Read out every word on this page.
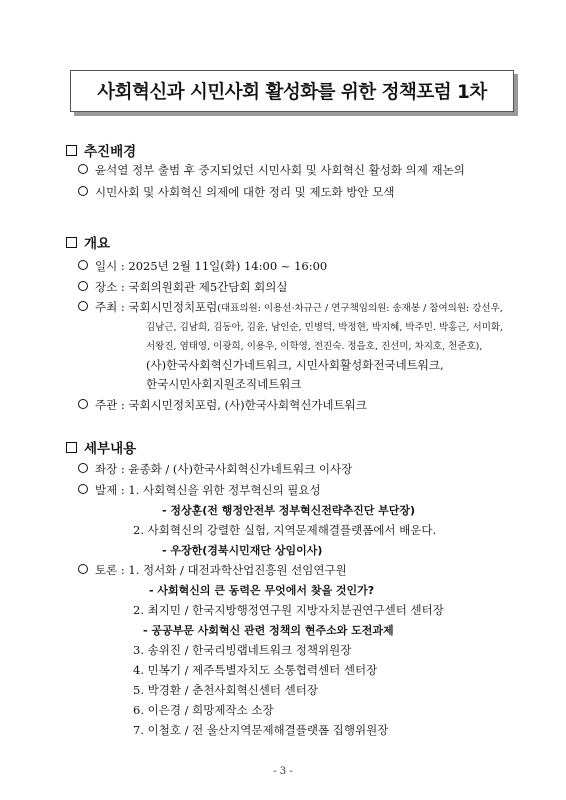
사회혁신과 시민사회 활성화를 위한 정책포럼 1차
추진배경
윤석열 정부 출범 후 중지되었던 시민사회 및 사회혁신 활성화 의제 재논의
시민사회 및 사회혁신 의제에 대한 정리 및 제도화 방안 모색
개요
일시 : 2025년 2월 11일(화) 14:00 ~ 16:00
장소 : 국회의원회관 제5간담회 회의실
주최 : 국회시민정치포럼(대표의원: 이용선·차규근 / 연구책임의원: 송재봉 / 참여의원: 강선우,
김남근, 김남희, 김동아, 김윤, 남인순, 민병덕, 박정현, 박지혜, 박주민. 박홍근, 서미화,
서왕진, 염태영, 이광희, 이용우, 이학영, 전진숙. 정을호, 진선미, 차지호, 천준호),
(사)한국사회혁신가네트워크, 시민사회활성화전국네트워크,
한국시민사회지원조직네트워크
주관 : 국회시민정치포럼, (사)한국사회혁신가네트워크
세부내용
좌장 : 윤종화 / (사)한국사회혁신가네트워크 이사장
발제 : 1. 사회혁신을 위한 정부혁신의 필요성
- 정상훈(전 행정안전부 정부혁신전략추진단 부단장)
2. 사회혁신의 강렬한 실험, 지역문제해결플랫폼에서 배운다.
- 우장한(경북시민재단 상임이사)
토론 : 1. 정서화 / 대전과학산업진흥원 선임연구원
- 사회혁신의 큰 동력은 무엇에서 찾을 것인가?
2. 최지민 / 한국지방행정연구원 지방자치분권연구센터 센터장
- 공공부문 사회혁신 관련 정책의 현주소와 도전과제
3. 송위진 / 한국리빙랩네트워크 정책위원장
4. 민복기 / 제주특별자치도 소통협력센터 센터장
5. 박경환 / 춘천사회혁신센터 센터장
6. 이은경 / 희망제작소 소장
7. 이철호 / 전 울산지역문제해결플랫폼 집행위원장
- 3 -
